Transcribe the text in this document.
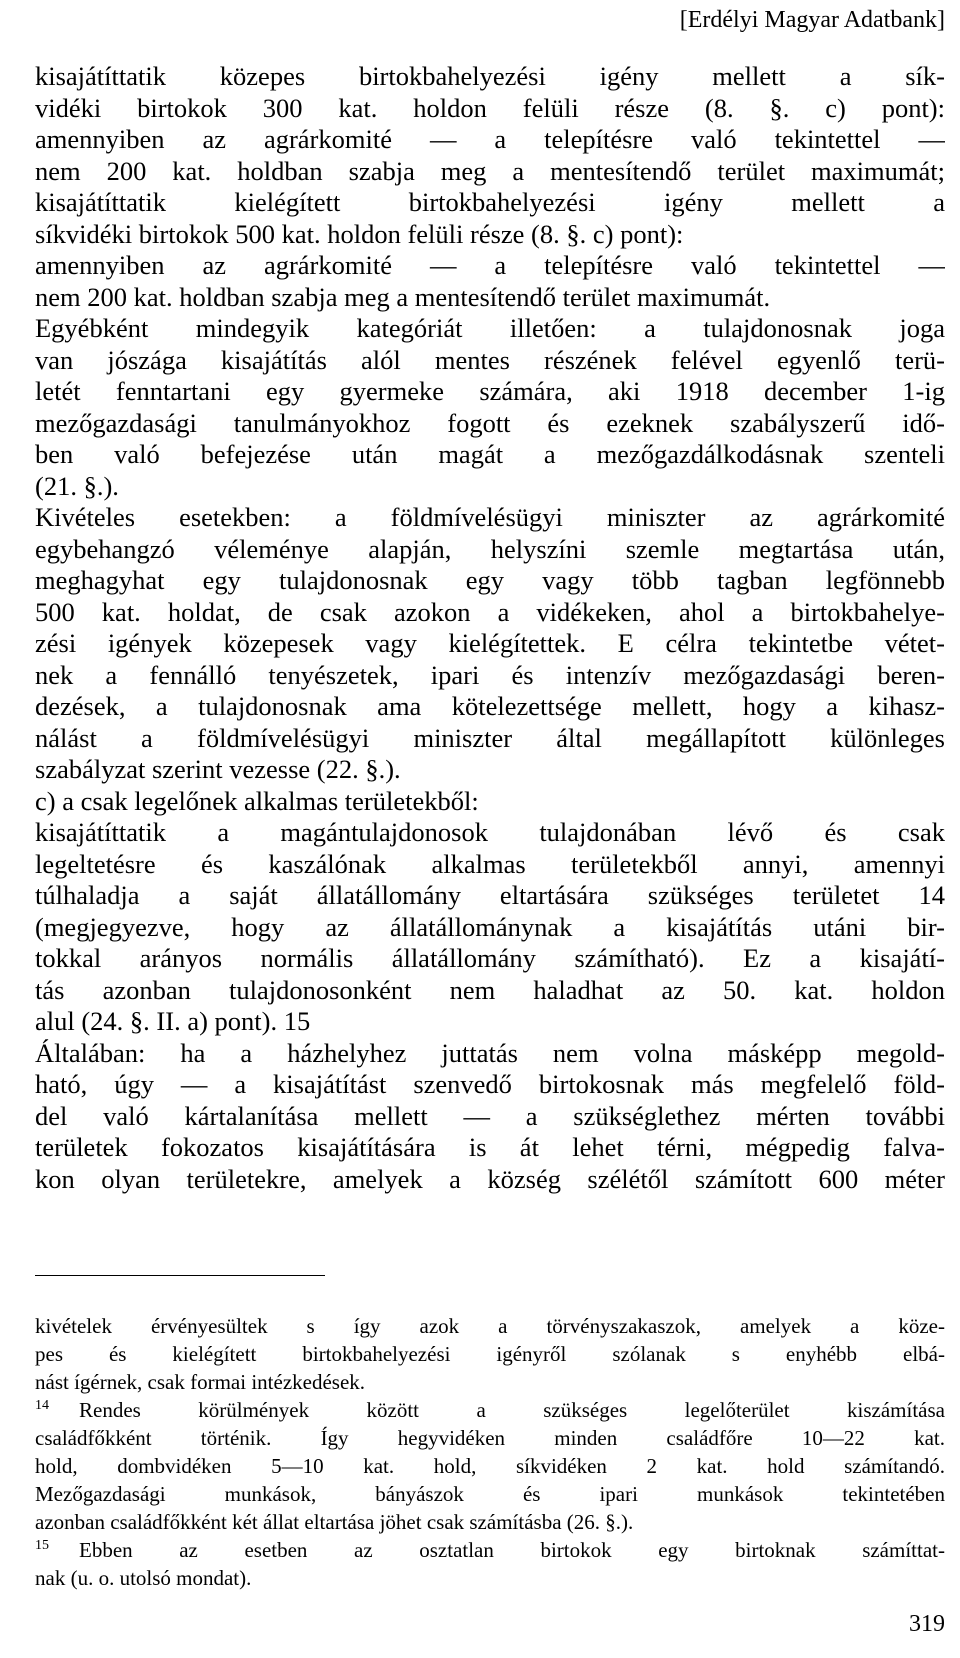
[Erdélyi Magyar Adatbank]
kisajátíttatik közepes birtokbahelyezési igény mellett a sík-
vidéki birtokok 300 kat. holdon felüli része (8. §. c) pont):
amennyiben az agrárkomité — a telepítésre való tekintettel —
nem 200 kat. holdban szabja meg a mentesítendő terület maximumát;
kisajátíttatik kielégített birtokbahelyezési igény mellett a
síkvidéki birtokok 500 kat. holdon felüli része (8. §. c) pont):
amennyiben az agrárkomité — a telepítésre való tekintettel —
nem 200 kat. holdban szabja meg a mentesítendő terület maximumát.
Egyébként mindegyik kategóriát illetően: a tulajdonosnak joga
van jószága kisajátítás alól mentes részének felével egyenlő terü-
letét fenntartani egy gyermeke számára, aki 1918 december 1-ig
mezőgazdasági tanulmányokhoz fogott és ezeknek szabályszerű idő-
ben való befejezése után magát a mezőgazdálkodásnak szenteli
(21. §.).
Kivételes esetekben: a földmívelésügyi miniszter az agrárkomité
egybehangzó véleménye alapján, helyszíni szemle megtartása után,
meghagyhat egy tulajdonosnak egy vagy több tagban legfönnebb
500 kat. holdat, de csak azokon a vidékeken, ahol a birtokbahelye-
zési igények közepesek vagy kielégítettek. E célra tekintetbe vétet-
nek a fennálló tenyészetek, ipari és intenzív mezőgazdasági beren-
dezések, a tulajdonosnak ama kötelezettsége mellett, hogy a kihasz-
nálást a földmívelésügyi miniszter által megállapított különleges
szabályzat szerint vezesse (22. §.).
c) a csak legelőnek alkalmas területekből:
kisajátíttatik a magántulajdonosok tulajdonában lévő és csak
legeltetésre és kaszálónak alkalmas területekből annyi, amennyi
túlhaladja a saját állatállomány eltartására szükséges területet 14
(megjegyezve, hogy az állatállománynak a kisajátítás utáni bir-
tokkal arányos normális állatállomány számítható). Ez a kisajátí-
tás azonban tulajdonosonként nem haladhat az 50. kat. holdon
alul (24. §. II. a) pont). 15
Általában: ha a házhelyhez juttatás nem volna másképp megold-
ható, úgy — a kisajátítást szenvedő birtokosnak más megfelelő föld-
del való kártalanítása mellett — a szükséglethez mérten további
területek fokozatos kisajátítására is át lehet térni, mégpedig falva-
kon olyan területekre, amelyek a község szélétől számított 600 méter
kivételek érvényesültek s így azok a törvényszakaszok, amelyek a köze-
pes és kielégített birtokbahelyezési igényről szólanak s enyhébb elbá-
nást ígérnek, csak formai intézkedések.
$^{14}$ Rendes körülmények között a szükséges legelőterület kiszámítása
családfőkként történik. Így hegyvidéken minden családfőre 10—22 kat.
hold, dombvidéken 5—10 kat. hold, síkvidéken 2 kat. hold számítandó.
Mezőgazdasági munkások, bányászok és ipari munkások tekintetében
azonban családfőkként két állat eltartása jöhet csak számításba (26. §.).
$^{15}$ Ebben az esetben az osztatlan birtokok egy birtoknak számíttat-
nak (u. o. utolsó mondat).
319
